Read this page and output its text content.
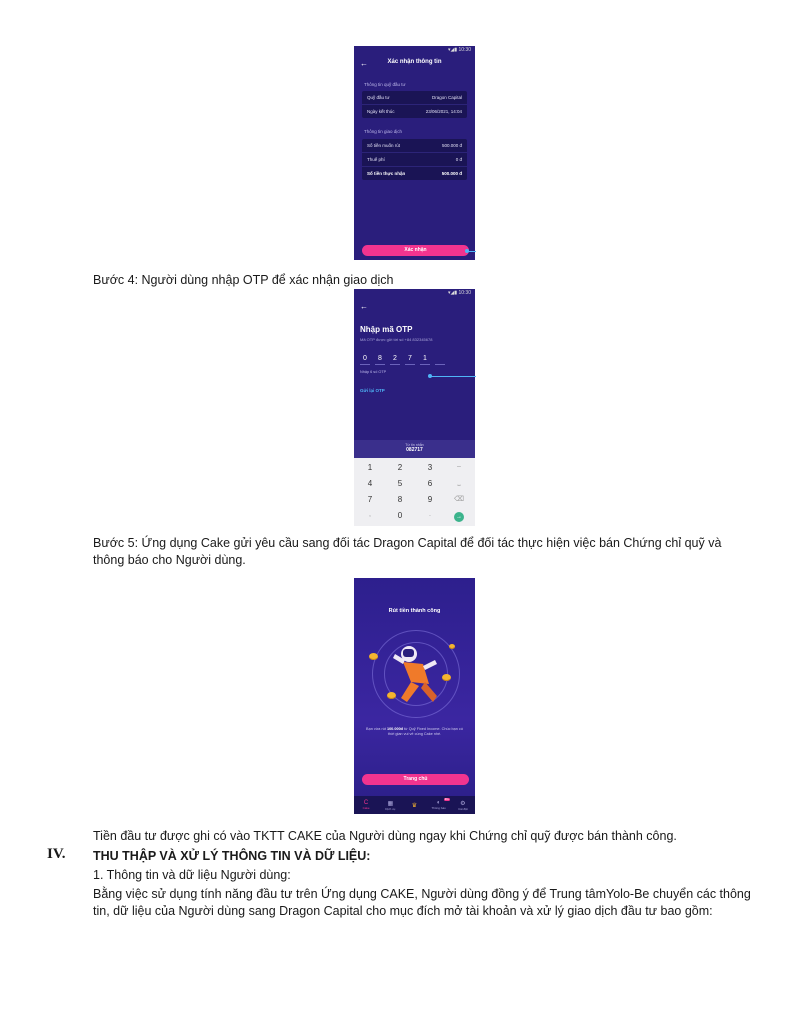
▾◢▮ 10:30
←	Xác nhận thông tin
Thông tin quỹ đầu tư
Quỹ đầu tư	Dragon Capital
Ngày kết thúc	23/06/2021, 14:04
Thông tin giao dịch
Số tiền muốn rút	500.000 đ
Thuế phí	0 đ
Số tiền thực nhận	500.000 đ
Xác nhận

Bước 4: Người dùng nhập OTP để xác nhận giao dịch

▾◢▮ 10:30
←
Nhập mã OTP
Mã OTP được gửi tới số +84 832345678
0	8	2	7	1
Nhập 6 số OTP
Gửi lại OTP
Từ tin nhắn
082717
1	2	3	–
4	5	6	⎵
7	8	9	⌫
,	0	.	→

Bước 5: Ứng dụng Cake gửi yêu cầu sang đối tác Dragon Capital để đối tác thực hiện việc bán Chứng chỉ quỹ và thông báo cho Người dùng.

Rút tiền thành công
Bạn vừa rút 100.000đ từ Quỹ Fixed Income. Chúc bạn có thời gian vui vẻ cùng Cake nhé.
Trang chủ
C
Cake
▦
Dịch vụ	♛	◐
Thông báo
⚙
Cài đặt
99+

Tiền đầu tư được ghi có vào TKTT CAKE của Người dùng ngay khi Chứng chỉ quỹ được bán thành công.

IV. THU THẬP VÀ XỬ LÝ THÔNG TIN VÀ DỮ LIỆU:

1. Thông tin và dữ liệu Người dùng:

Bằng việc sử dụng tính năng đầu tư trên Ứng dụng CAKE, Người dùng đồng ý để Trung tâmYolo-Be chuyển các thông tin, dữ liệu của Người dùng sang Dragon Capital cho mục đích mở tài khoản và xử lý giao dịch đầu tư bao gồm:
